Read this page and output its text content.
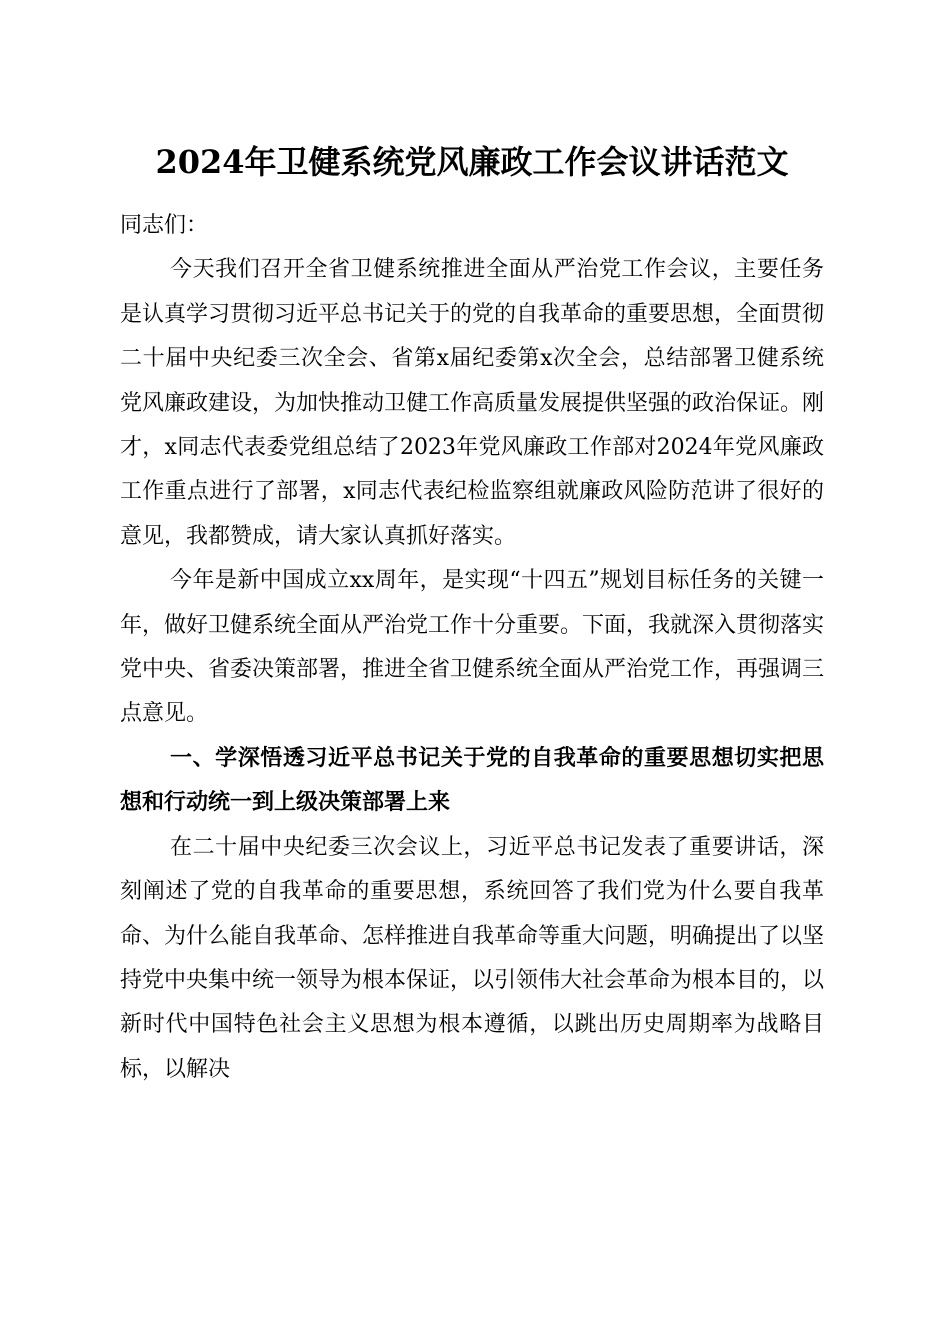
2024年卫健系统党风廉政工作会议讲话范文

同志们：

今天我们召开全省卫健系统推进全面从严治党工作会议，主要任务是认真学习贯彻习近平总书记关于的党的自我革命的重要思想，全面贯彻二十届中央纪委三次全会、省第x届纪委第x次全会，总结部署卫健系统党风廉政建设，为加快推动卫健工作高质量发展提供坚强的政治保证。刚才，x同志代表委党组总结了2023年党风廉政工作部对2024年党风廉政工作重点进行了部署，x同志代表纪检监察组就廉政风险防范讲了很好的意见，我都赞成，请大家认真抓好落实。

今年是新中国成立xx周年，是实现“十四五”规划目标任务的关键一年，做好卫健系统全面从严治党工作十分重要。下面，我就深入贯彻落实党中央、省委决策部署，推进全省卫健系统全面从严治党工作，再强调三点意见。

一、学深悟透习近平总书记关于党的自我革命的重要思想切实把思想和行动统一到上级决策部署上来

在二十届中央纪委三次会议上，习近平总书记发表了重要讲话，深刻阐述了党的自我革命的重要思想，系统回答了我们党为什么要自我革命、为什么能自我革命、怎样推进自我革命等重大问题，明确提出了以坚持党中央集中统一领导为根本保证，以引领伟大社会革命为根本目的，以新时代中国特色社会主义思想为根本遵循，以跳出历史周期率为战略目标，以解决
